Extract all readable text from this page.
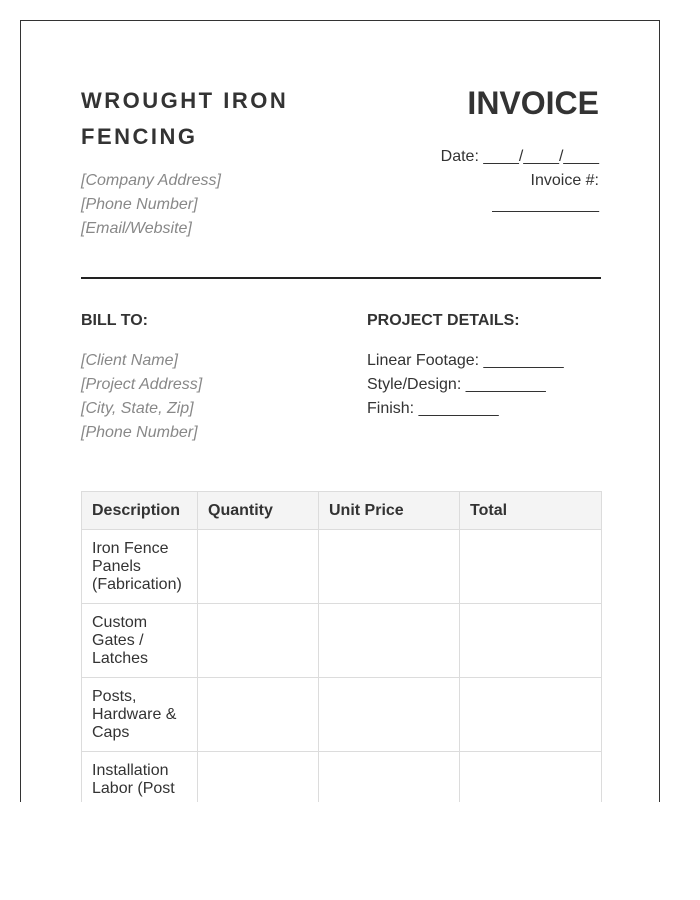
WROUGHT IRON FENCING
[Company Address]
[Phone Number]
[Email/Website]
INVOICE
Date: ____/____/____
Invoice #:
____________
BILL TO:	PROJECT DETAILS:
[Client Name]
[Project Address]
[City, State, Zip]
[Phone Number]
Linear Footage: _________
Style/Design: _________
Finish: _________
Description	Quantity	Unit Price	Total
Iron Fence Panels (Fabrication)			
Custom Gates / Latches			
Posts, Hardware & Caps			
Installation Labor (Post			
